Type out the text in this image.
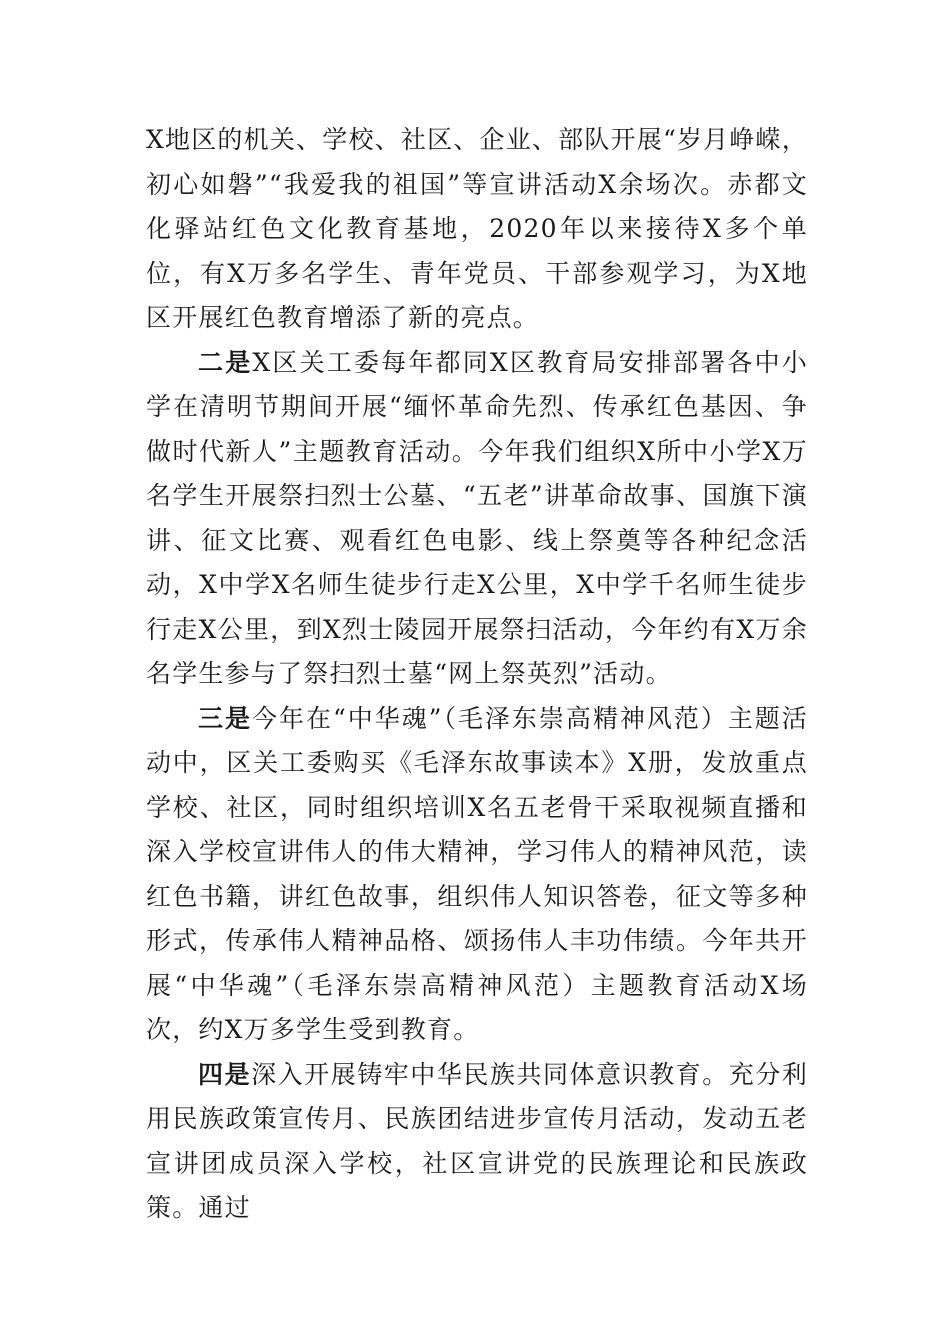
X地区的机关、学校、社区、企业、部队开展“岁月峥嵘，初心如磐”“我爱我的祖国”等宣讲活动X余场次。赤都文化驿站红色文化教育基地，2020年以来接待X多个单位，有X万多名学生、青年党员、干部参观学习，为X地区开展红色教育增添了新的亮点。

二是X区关工委每年都同X区教育局安排部署各中小学在清明节期间开展“缅怀革命先烈、传承红色基因、争做时代新人”主题教育活动。今年我们组织X所中小学X万名学生开展祭扫烈士公墓、“五老”讲革命故事、国旗下演讲、征文比赛、观看红色电影、线上祭奠等各种纪念活动，X中学X名师生徒步行走X公里，X中学千名师生徒步行走X公里，到X烈士陵园开展祭扫活动，今年约有X万余名学生参与了祭扫烈士墓“网上祭英烈”活动。

三是今年在“中华魂”（毛泽东崇高精神风范）主题活动中，区关工委购买《毛泽东故事读本》X册，发放重点学校、社区，同时组织培训X名五老骨干采取视频直播和深入学校宣讲伟人的伟大精神，学习伟人的精神风范，读红色书籍，讲红色故事，组织伟人知识答卷，征文等多种形式，传承伟人精神品格、颂扬伟人丰功伟绩。今年共开展“中华魂”（毛泽东崇高精神风范）主题教育活动X场次，约X万多学生受到教育。

四是深入开展铸牢中华民族共同体意识教育。充分利用民族政策宣传月、民族团结进步宣传月活动，发动五老宣讲团成员深入学校，社区宣讲党的民族理论和民族政策。通过
